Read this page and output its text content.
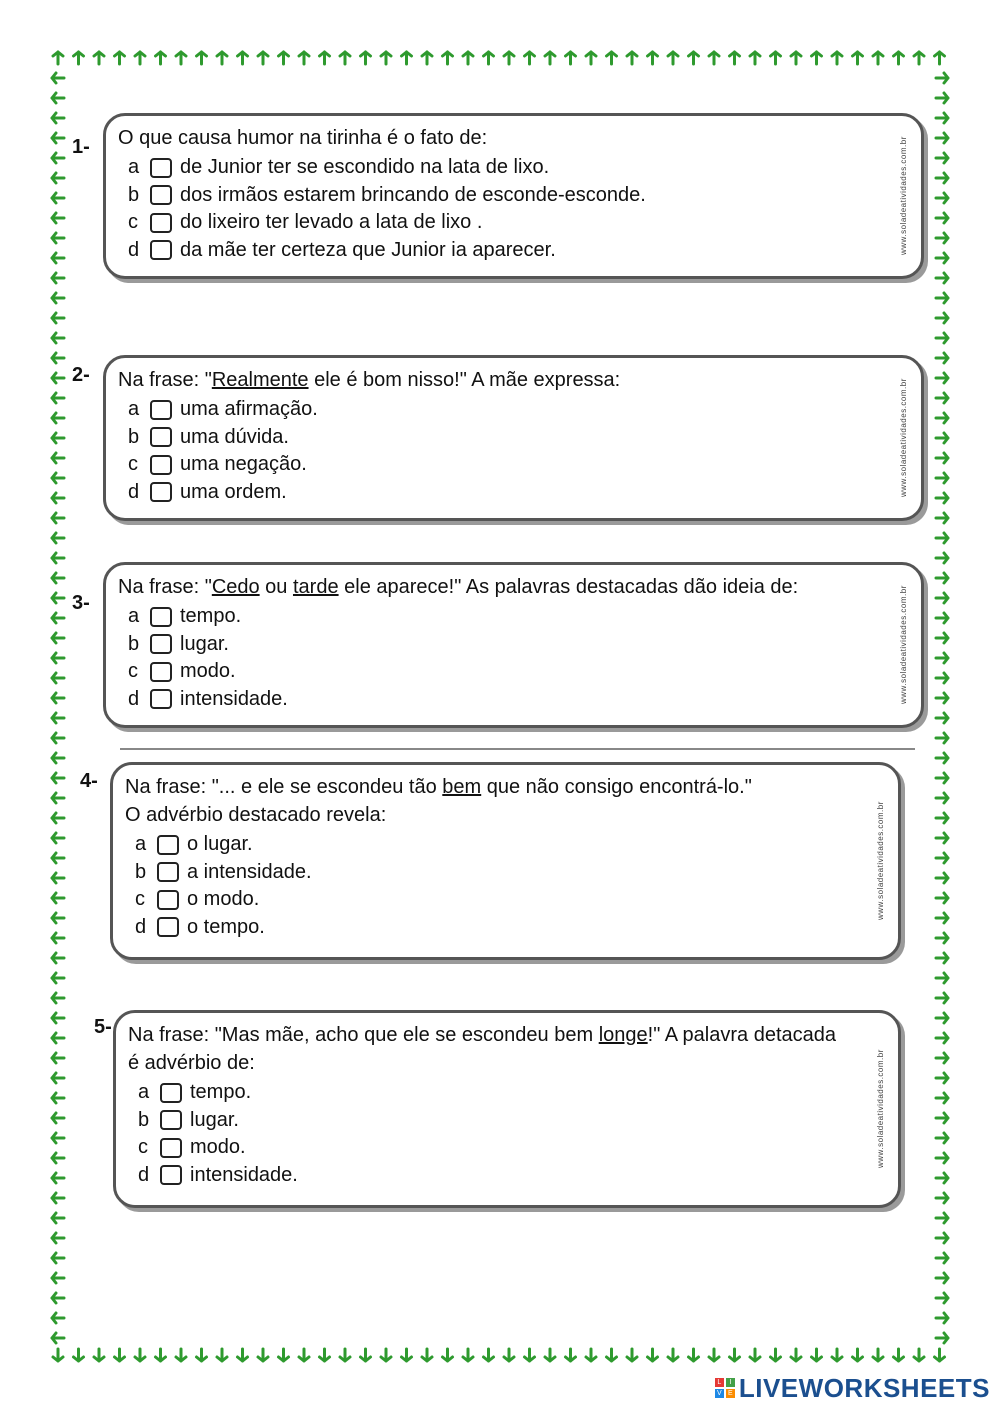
1- O que causa humor na tirinha é o fato de:
a	de Junior ter se escondido na lata de lixo.
b	dos irmãos estarem brincando de esconde-esconde.
c	do lixeiro ter levado a lata de lixo .
d	da mãe ter certeza que Junior ia aparecer.	www.soladeatividades.com.br
2- Na frase: "Realmente ele é bom nisso!" A mãe expressa:
a	uma afirmação.
b	uma dúvida.
c	uma negação.
d	uma ordem.	www.soladeatividades.com.br
3-
Na frase: "Cedo ou tarde ele aparece!" As palavras destacadas dão ideia de:
a	tempo.
b	lugar.
c	modo.
d	intensidade.	www.soladeatividades.com.br
4- Na frase: "... e ele se escondeu tão bem que não consigo encontrá-lo."
O advérbio destacado revela:
a	o lugar.
b	a intensidade.
c	o modo.
d	o tempo.
www.soladeatividades.com.br
5- Na frase: "Mas mãe, acho que ele se escondeu bem longe!" A palavra detacada
é advérbio de:
a	tempo.
b	lugar.
c	modo.
d	intensidade.
www.soladeatividades.com.br
L	I
V E LIVEWORKSHEETS
